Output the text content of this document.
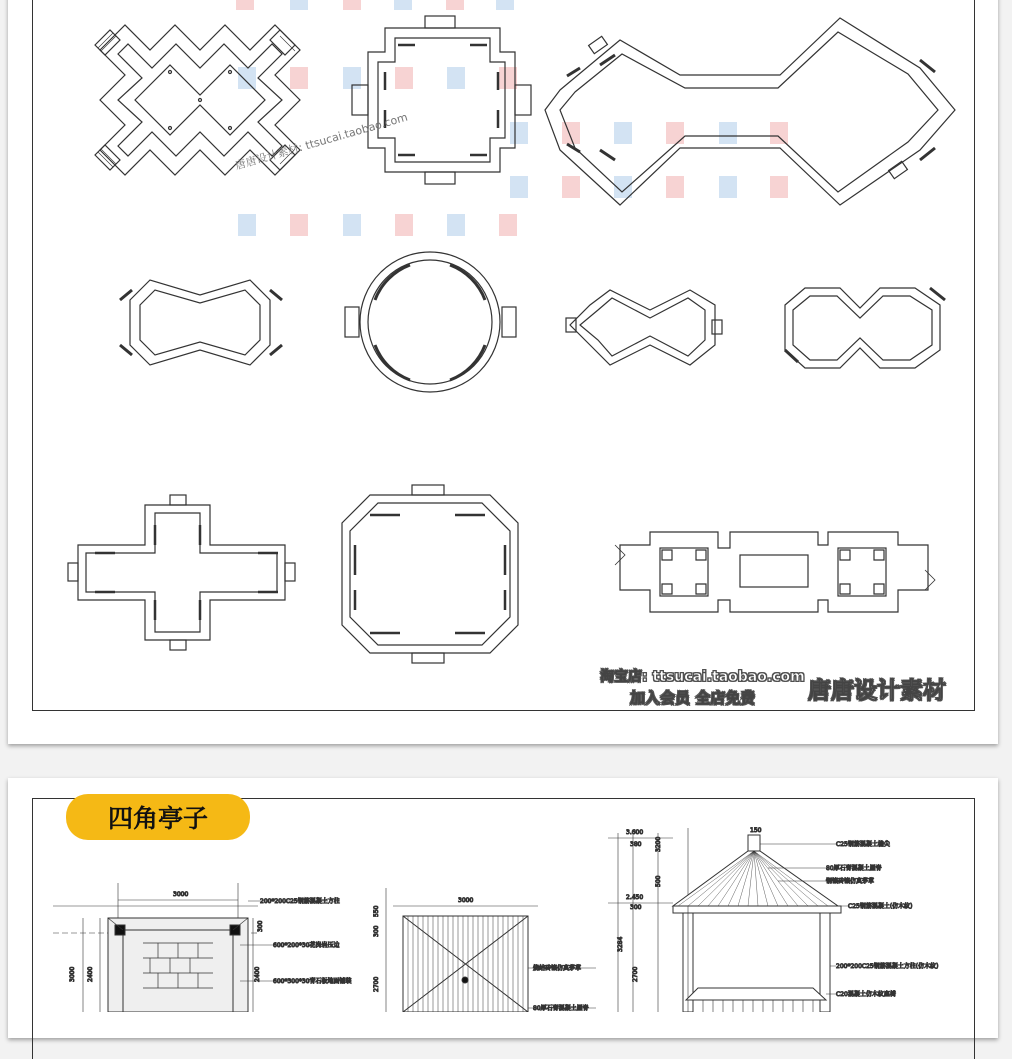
唐唐设计素材: ttsucai.taobao.com
淘宝店: ttsucai.taobao.com
加入会员 全店免费 唐唐设计素材
四角亭子
3000
3000 2400	2400
300
200*200C25钢筋混凝土方柱
600*200*30花岗岩压边
600*300*30青石板地面铺装
3000
550
300
2700
烧结砖镶仿真茅草
80厚石膏混凝土屋脊
3.600
380
2.450
300
3284
2700
3200
500
150
C25钢筋混凝土檐尖
80厚石膏混凝土屋脊
钢镶砖镶仿真茅草
C25钢筋混凝土(仿木纹)
200*200C25钢筋混凝土方柱(仿木纹)
C20混凝土仿木纹座椅
